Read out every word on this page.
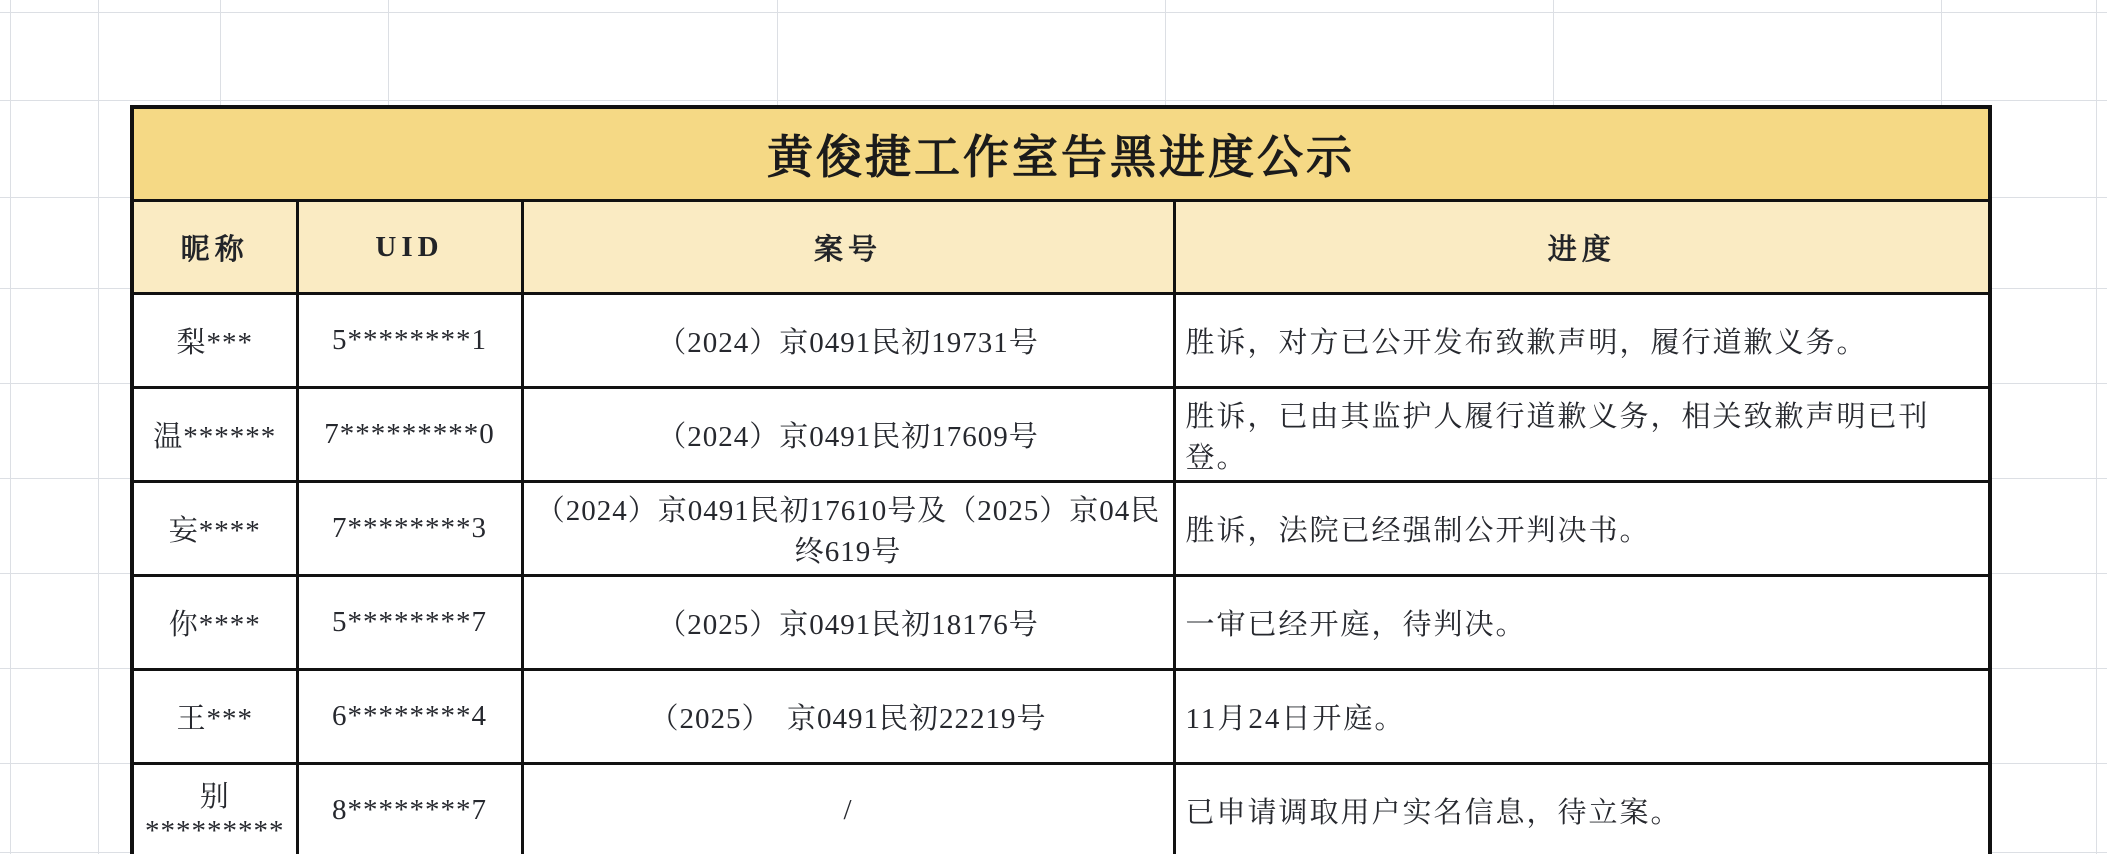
黄俊捷工作室告黑进度公示			
昵称	UID	案号	进度
梨***	5********1	（2024）京0491民初19731号	胜诉，对方已公开发布致歉声明，履行道歉义务。
温******	7*********0	（2024）京0491民初17609号	胜诉，已由其监护人履行道歉义务，相关致歉声明已刊登。
妄****	7********3	（2024）京0491民初17610号及（2025）京04民终619号	胜诉，法院已经强制公开判决书。
你****	5********7	（2025）京0491民初18176号	一审已经开庭，待判决。
王***	6********4	（2025）　京0491民初22219号	11月24日开庭。
别*********	8********7	/	已申请调取用户实名信息，待立案。
